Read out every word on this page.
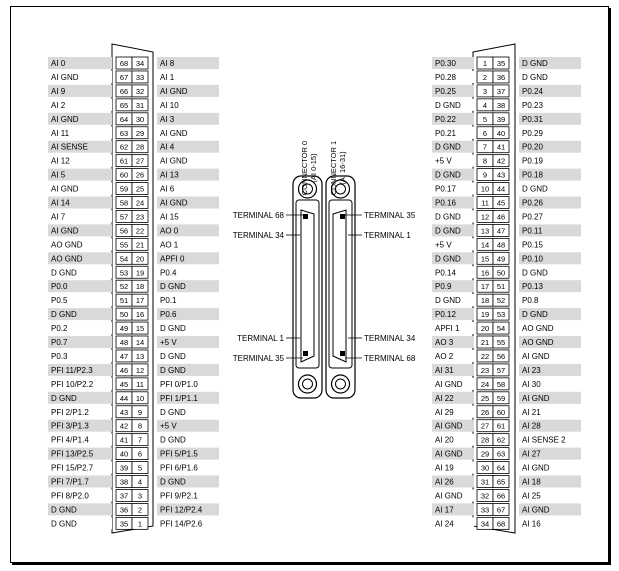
AI 0	68 34 AI 8
AI GND	67 33 AI 1
AI 9	66 32 AI GND
AI 2	65 31 AI 10
AI GND	64 30 AI 3
AI 11	63 29 AI GND
AI SENSE	62 28 AI 4
AI 12	61 27 AI GND
AI 5	60 26 AI 13
AI GND	59 25 AI 6
AI 14	58 24 AI GND
AI 7	57 23 AI 15
AI GND	56 22 AO 0
AO GND	55 21 AO 1
AO GND	54 20 APFI 0
D GND	53 19 P0.4
P0.0	52 18 D GND
P0.5	51 17 P0.1
D GND	50 16 P0.6
P0.2	49 15 D GND
P0.7	48 14 +5 V
P0.3	47 13 D GND
PFI 11/P2.3	46 12 D GND
PFI 10/P2.2	45 11 PFI 0/P1.0
D GND	44 10 PFI 1/P1.1
PFI 2/P1.2	43 9 D GND
PFI 3/P1.3	42 8 +5 V
PFI 4/P1.4	41 7 D GND
PFI 13/P2.5	40 6 PFI 5/P1.5
PFI 15/P2.7	39 5 PFI 6/P1.6
PFI 7/P1.7	38 4 D GND
PFI 8/P2.0	37 3 PFI 9/P2.1
D GND	36 2 PFI 12/P2.4
D GND	35 1 PFI 14/P2.6
P0.30	1 35 D GND
P0.28	2 36 D GND
P0.25	3 37 P0.24
D GND	4 38 P0.23
P0.22	5 39 P0.31
P0.21	6 40 P0.29
D GND	7 41 P0.20
+5 V	8 42 P0.19
D GND	9 43 P0.18
P0.17	10 44 D GND
P0.16	11 45 P0.26
D GND	12 46 P0.27
D GND	13 47 P0.11
+5 V	14 48 P0.15
D GND	15 49 P0.10
P0.14	16 50 D GND
P0.9	17 51 P0.13
D GND	18 52 P0.8
P0.12	19 53 D GND
APFI 1	20 54 AO GND
AO 3	21 55 AO GND
AO 2	22 56 AI GND
AI 31	23 57 AI 23
AI GND 24 58 AI 30
AI 22	25 59 AI GND
AI 29	26 60 AI 21
AI GND 27 61 AI 28
AI 20	28 62 AI SENSE 2
AI GND 29 63 AI 27
AI 19	30 64 AI GND
AI 26	31 65 AI 18
AI GND 32 66 AI 25
AI 17	33 67 AI GND
AI 24	34 68 AI 16
CONNECTOR 0 (AI 0-15) CONNECTOR 1 (AI 16-31)
TERMINAL 68
TERMINAL 34
TERMINAL 1
TERMINAL 35
TERMINAL 35
TERMINAL 1
TERMINAL 34
TERMINAL 68
